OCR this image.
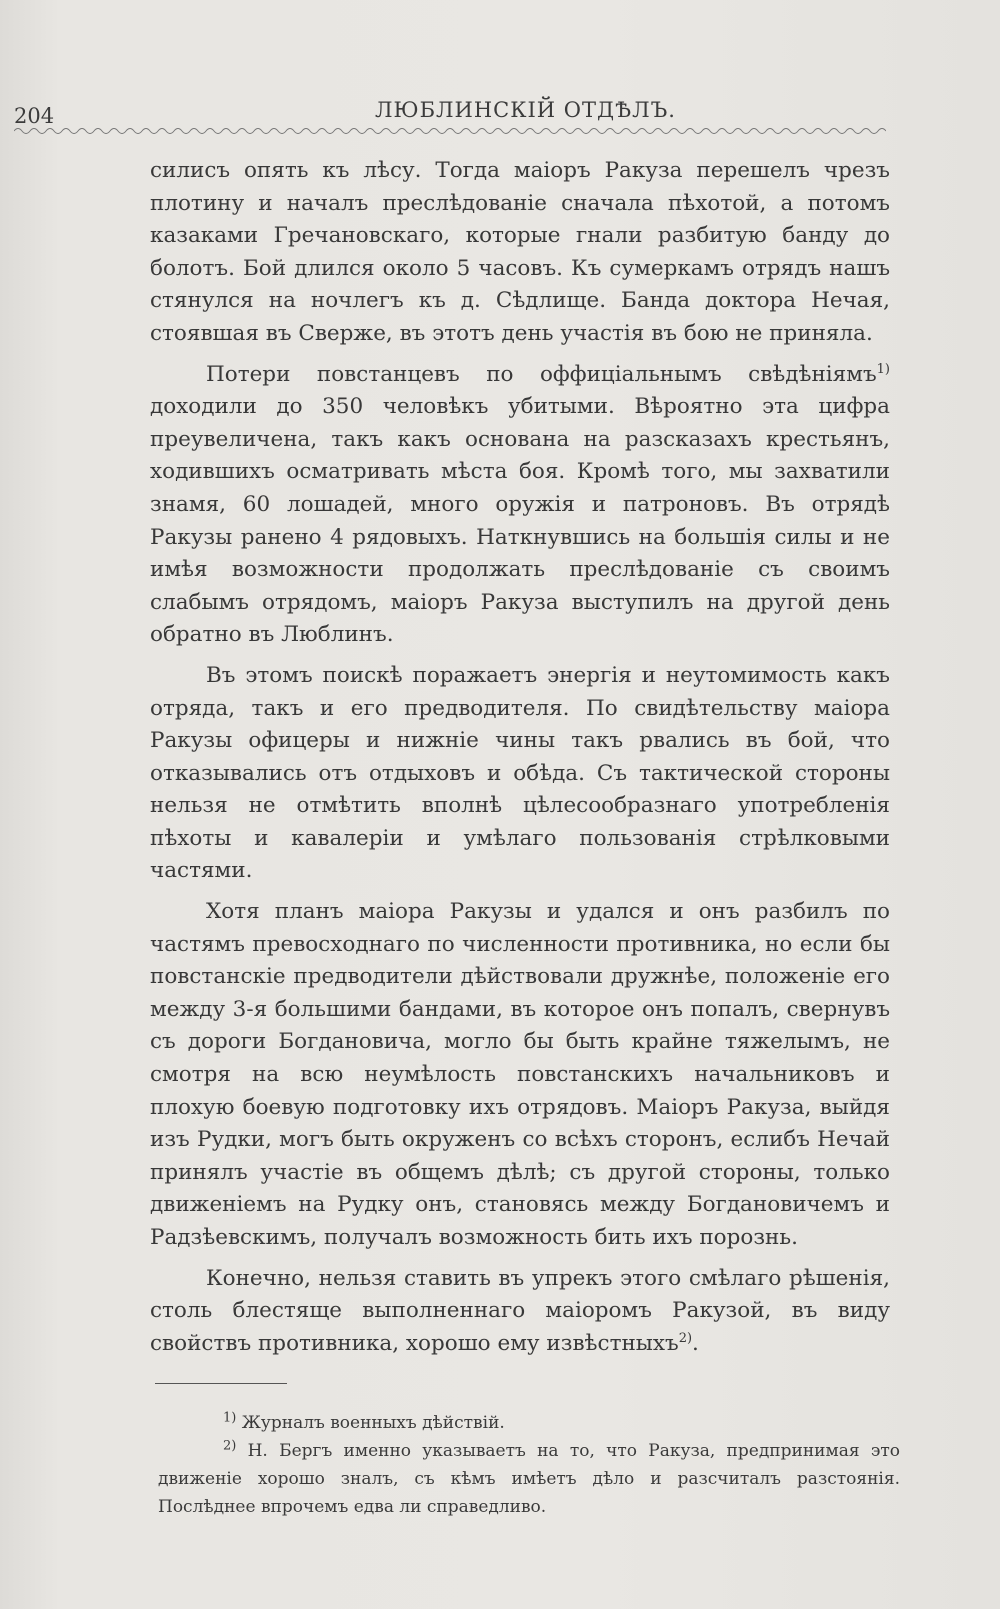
204	ЛЮБЛИНСКІЙ ОТДѢЛЪ.

силисъ опять къ лѣсу. Тогда маіоръ Ракуза перешелъ чрезъ плотину и началъ преслѣдованіе сначала пѣхотой, а потомъ казаками Гречановскаго, которые гнали разбитую банду до болотъ. Бой длился около 5 часовъ. Къ сумеркамъ отрядъ нашъ стянулся на ночлегъ къ д. Сѣдлище. Банда доктора Нечая, стоявшая въ Сверже, въ этотъ день участія въ бою не приняла.

Потери повстанцевъ по оффиціальнымъ свѣдѣніямъ$^{1)}$ доходили до 350 человѣкъ убитыми. Вѣроятно эта цифра преувеличена, такъ какъ основана на разсказахъ крестьянъ, ходившихъ осматривать мѣста боя. Кромѣ того, мы захватили знамя, 60 лошадей, много оружія и патроновъ. Въ отрядѣ Ракузы ранено 4 рядовыхъ. Наткнувшись на большія силы и не имѣя возможности продолжать преслѣдованіе съ своимъ слабымъ отрядомъ, маіоръ Ракуза выступилъ на другой день обратно въ Люблинъ.

Въ этомъ поискѣ поражаетъ энергія и неутомимость какъ отряда, такъ и его предводителя. По свидѣтельству маіора Ракузы офицеры и нижніе чины такъ рвались въ бой, что отказывались отъ отдыховъ и обѣда. Съ тактической стороны нельзя не отмѣтить вполнѣ цѣлесообразнаго употребленія пѣхоты и кавалеріи и умѣлаго пользованія стрѣлковыми частями.

Хотя планъ маіора Ракузы и удался и онъ разбилъ по частямъ превосходнаго по численности противника, но если бы повстанскіе предводители дѣйствовали дружнѣе, положеніе его между 3-я большими бандами, въ которое онъ попалъ, свернувъ съ дороги Богдановича, могло бы быть крайне тяжелымъ, не смотря на всю неумѣлость повстанскихъ начальниковъ и плохую боевую подготовку ихъ отрядовъ. Маіоръ Ракуза, выйдя изъ Рудки, могъ быть окруженъ со всѣхъ сторонъ, еслибъ Нечай принялъ участіе въ общемъ дѣлѣ; съ другой стороны, только движеніемъ на Рудку онъ, становясь между Богдановичемъ и Радзѣевскимъ, получалъ возможность бить ихъ порознь.

Конечно, нельзя ставить въ упрекъ этого смѣлаго рѣшенія, столь блестяще выполненнаго маіоромъ Ракузой, въ виду свойствъ противника, хорошо ему извѣстныхъ$^{2)}$.

$^{1)}$ Журналъ военныхъ дѣйствій.

$^{2)}$ Н. Бергъ именно указываетъ на то, что Ракуза, предпринимая это движеніе хорошо зналъ, съ кѣмъ имѣетъ дѣло и разсчиталъ разстоянія. Послѣднее впрочемъ едва ли справедливо.
